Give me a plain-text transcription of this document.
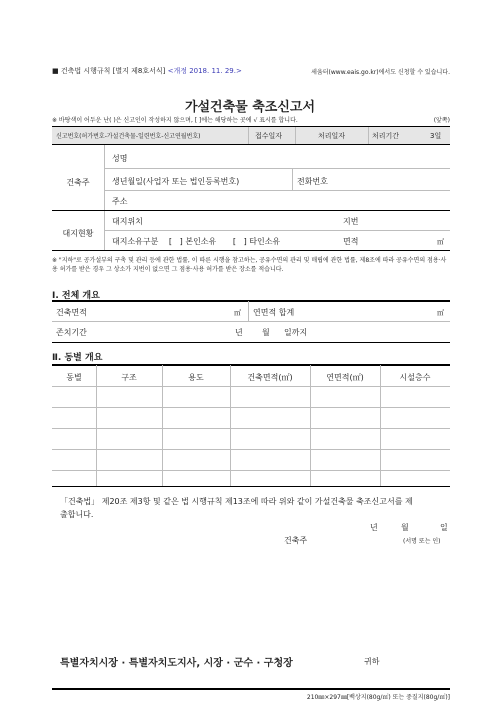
■ 건축법 시행규칙 [별지 제8호서식] <개정 2018. 11. 29.>	세움터(www.eais.go.kr)에서도 신청할 수 있습니다.
가설건축물 축조신고서
※ 바탕색이 어두운 난( )은 신고인이 작성하지 않으며, [ ]에는 해당하는 곳에 √ 표시를 합니다.	(앞쪽)
신고번호(허가번호-가설건축물-일련번호-신고연월번호)	접수일자	처리일자	처리기간	3일
건축주
성명
생년월일(사업자 또는 법인등록번호)	전화번호
주소
대지현황
대지위치	지번
대지소유구분 [   ] 본인소유 [   ] 타인소유	면적	㎡
※ "지하"로 공가설부의 구축 및 관리 등에 관한 법률, 이 따른 시행을 참고하는, 공유수면의 관리 및 매립에 관한 법률, 제8조에 따라 공유수면의 점용·사용 허가를 받은 경우 그 상소가 지번이 없으면 그 점용·사용 허가를 받은 장소를 적습니다.
Ⅰ. 전체 개요
건축면적	㎡ 연면적 합계	㎡
존치기간	년 월 일까지
Ⅱ. 동별 개요
동별	구조	용도	건축면적(㎡)	연면적(㎡)	시설층수
「건축법」 제20조 제3항 및 같은 법 시행규칙 제13조에 따라 위와 같이 가설건축물 축조신고서를 제
출합니다.
년	월	일
건축주	(서명 또는 인)
특별자치시장 · 특별자치도지사, 시장 · 군수 · 구청장	귀하
210㎜×297㎜[백상지(80g/㎡) 또는 중질지(80g/㎡)]
